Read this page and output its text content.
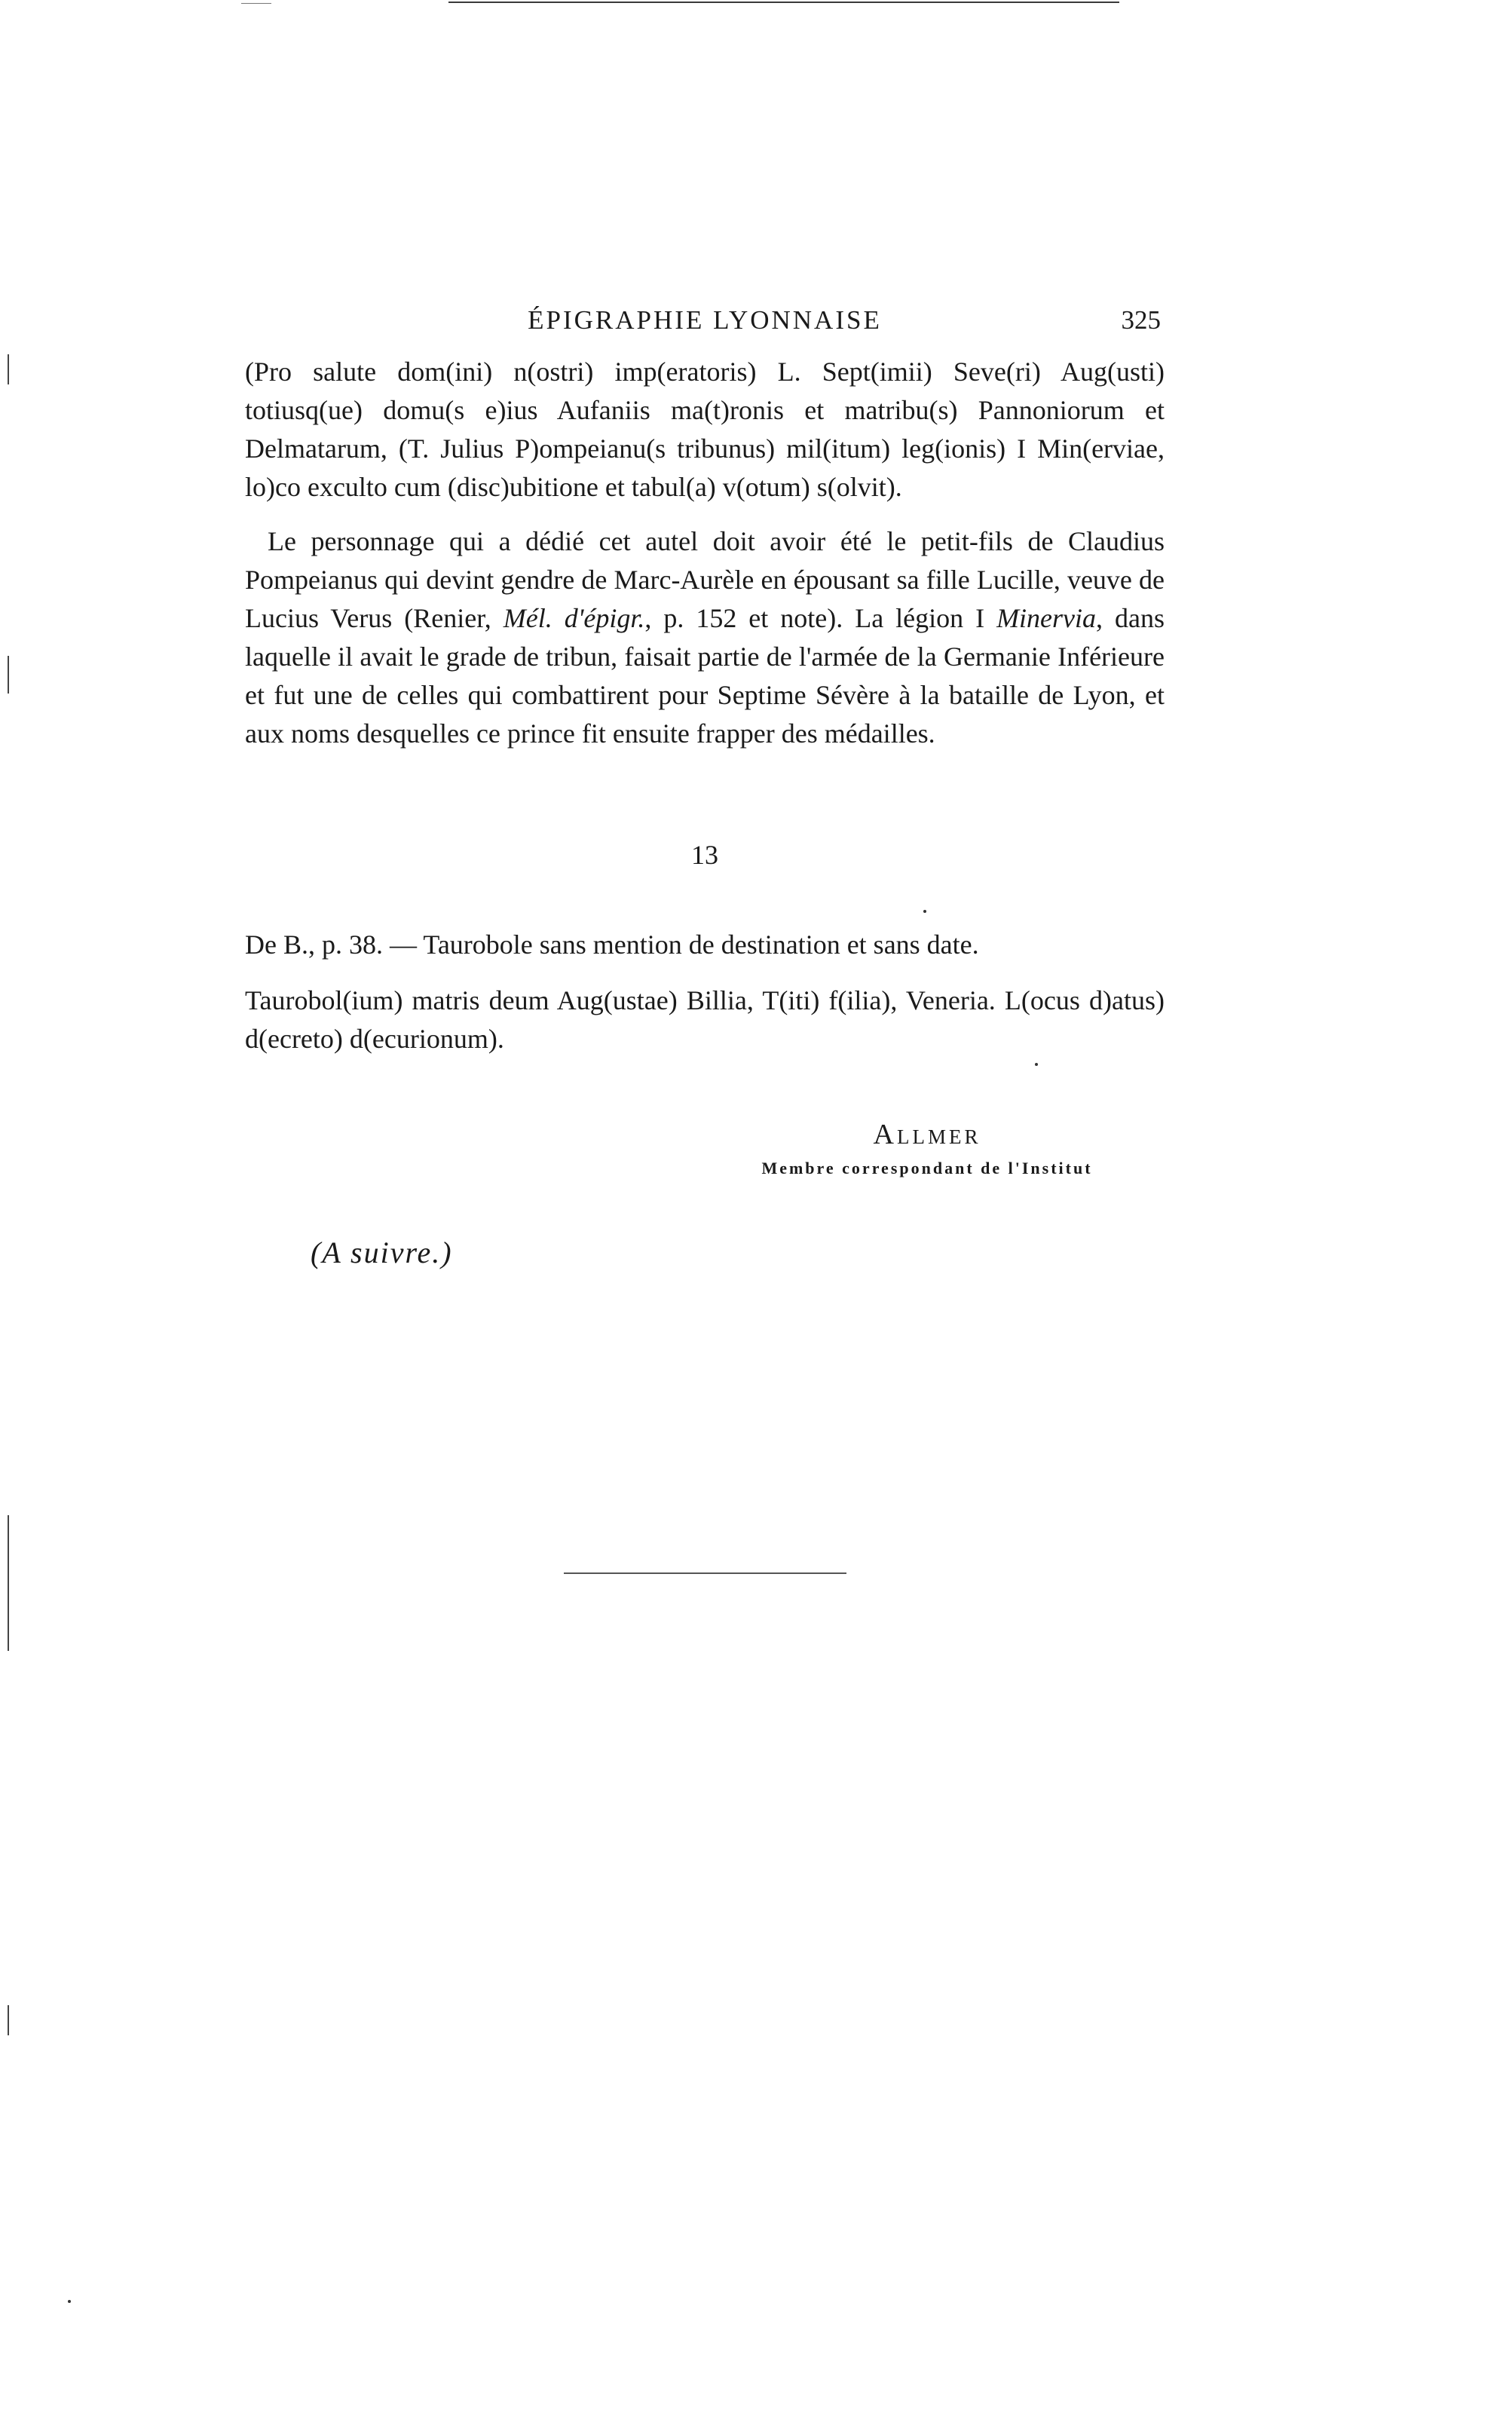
ÉPIGRAPHIE LYONNAISE	325
(Pro salute dom(ini) n(ostri) imp(eratoris) L. Sept(imii) Seve(ri) Aug(usti) totiusq(ue) domu(s e)ius Aufaniis ma(t)ronis et matribu(s) Pannoniorum et Delmatarum, (T. Julius P)ompeianu(s tribunus) mil(itum) leg(ionis) I Min(erviae, lo)co exculto cum (disc)ubitione et tabul(a) v(otum) s(olvit).
Le personnage qui a dédié cet autel doit avoir été le petit-fils de Claudius Pompeianus qui devint gendre de Marc-Aurèle en épousant sa fille Lucille, veuve de Lucius Verus (Renier, Mél. d'épigr., p. 152 et note). La légion I Minervia, dans laquelle il avait le grade de tribun, faisait partie de l'armée de la Germanie Inférieure et fut une de celles qui combattirent pour Septime Sévère à la bataille de Lyon, et aux noms desquelles ce prince fit ensuite frapper des médailles.
13
De B., p. 38. — Taurobole sans mention de destination et sans date.
Taurobol(ium) matris deum Aug(ustae) Billia, T(iti) f(ilia), Veneria. L(ocus d)atus) d(ecreto) d(ecurionum).
Allmer
Membre correspondant de l'Institut
(A suivre.)
